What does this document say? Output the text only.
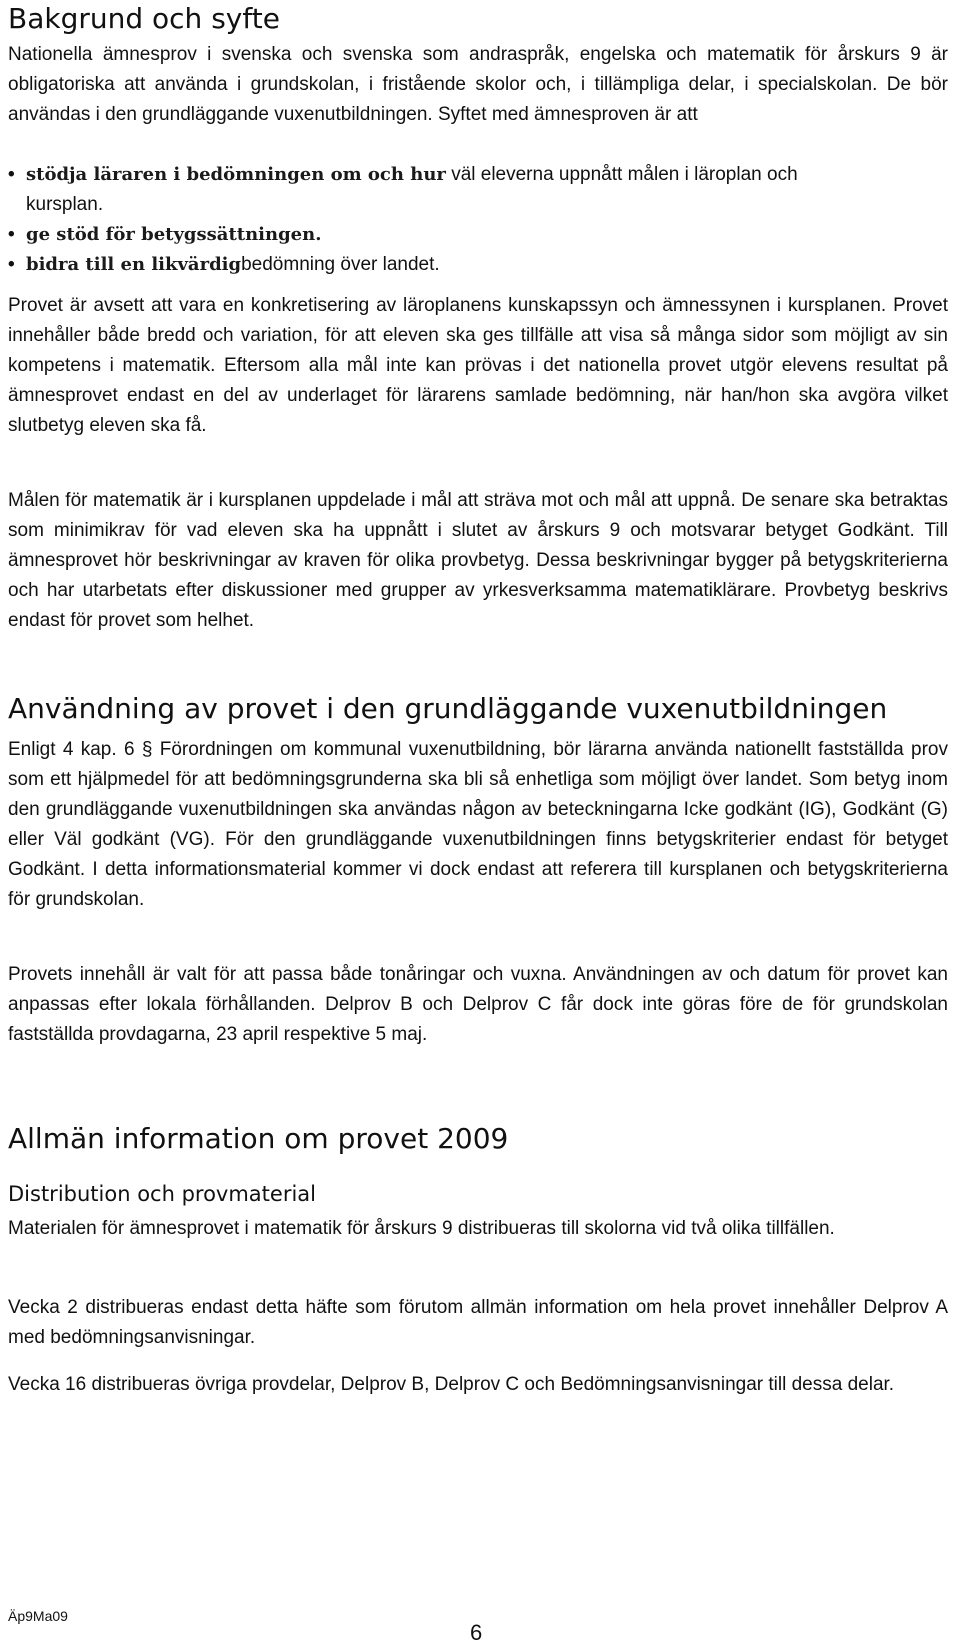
Bakgrund och syfte

Nationella ämnesprov i svenska och svenska som andraspråk, engelska och matematik för årskurs 9 är obligatoriska att använda i grundskolan, i fristående skolor och, i tillämpliga delar, i specialskolan. De bör användas i den grundläggande vuxenutbildningen. Syftet med ämnesproven är att

• stödja läraren i bedömningen om och hur väl eleverna uppnått målen i läroplan och
kursplan.
• ge stöd för betygssättningen.
• bidra till en likvärdigbedömning över landet.

Provet är avsett att vara en konkretisering av läroplanens kunskapssyn och ämnessynen i kursplanen. Provet innehåller både bredd och variation, för att eleven ska ges tillfälle att visa så många sidor som möjligt av sin kompetens i matematik. Eftersom alla mål inte kan prövas i det nationella provet utgör elevens resultat på ämnesprovet endast en del av underlaget för lärarens samlade bedömning, när han/hon ska avgöra vilket slutbetyg eleven ska få.

Målen för matematik är i kursplanen uppdelade i mål att sträva mot och mål att uppnå. De senare ska betraktas som minimikrav för vad eleven ska ha uppnått i slutet av årskurs 9 och motsvarar betyget Godkänt. Till ämnesprovet hör beskrivningar av kraven för olika provbetyg. Dessa beskrivningar bygger på betygskriterierna och har utarbetats efter diskussioner med grupper av yrkesverksamma matematiklärare. Provbetyg beskrivs endast för provet som helhet.

Användning av provet i den grundläggande vuxenutbildningen

Enligt 4 kap. 6 § Förordningen om kommunal vuxenutbildning, bör lärarna använda nationellt fastställda prov som ett hjälpmedel för att bedömningsgrunderna ska bli så enhetliga som möjligt över landet. Som betyg inom den grundläggande vuxenutbildningen ska användas någon av beteckningarna Icke godkänt (IG), Godkänt (G) eller Väl godkänt (VG). För den grundläggande vuxenutbildningen finns betygskriterier endast för betyget Godkänt. I detta informationsmaterial kommer vi dock endast att referera till kursplanen och betygskriterierna för grundskolan.

Provets innehåll är valt för att passa både tonåringar och vuxna. Användningen av och datum för provet kan anpassas efter lokala förhållanden. Delprov B och Delprov C får dock inte göras före de för grundskolan fastställda provdagarna, 23 april respektive 5 maj.

Allmän information om provet 2009
Distribution och provmaterial

Materialen för ämnesprovet i matematik för årskurs 9 distribueras till skolorna vid två olika tillfällen.

Vecka 2 distribueras endast detta häfte som förutom allmän information om hela provet innehåller Delprov A med bedömningsanvisningar.

Vecka 16 distribueras övriga provdelar, Delprov B, Delprov C och Bedömningsanvisningar till dessa delar.

Äp9Ma09
6
